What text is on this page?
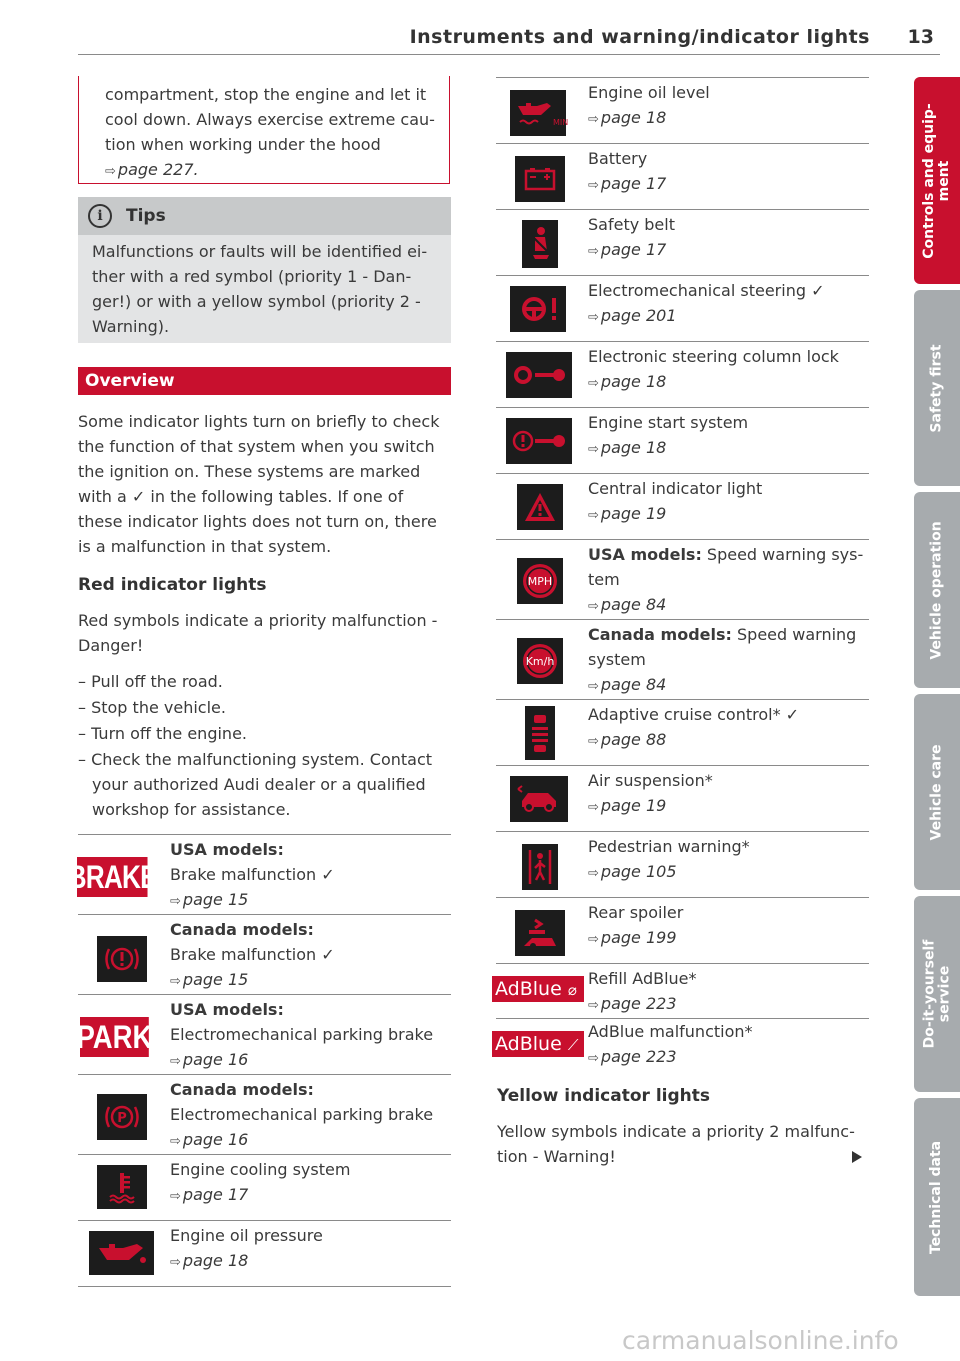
Instruments and warning/indicator lights 13
compartment, stop the engine and let it
cool down. Always exercise extreme cau-
tion when working under the hood
⇨ page 227.
i	Tips
Malfunctions or faults will be identified ei-
ther with a red symbol (priority 1 - Dan-
ger!) or with a yellow symbol (priority 2 -
Warning).
Overview

Some indicator lights turn on briefly to check

the function of that system when you switch

the ignition on. These systems are marked

with a ✓ in the following tables. If one of

these indicator lights does not turn on, there

is a malfunction in that system.

Red indicator lights

Red symbols indicate a priority malfunction -

Danger!

– Pull off the road.

– Stop the vehicle.

– Turn off the engine.

– Check the malfunctioning system. Contact

your authorized Audi dealer or a qualified

workshop for assistance.

BRAKE
USA models:
Brake malfunction ✓
⇨ page 15
Canada models:
Brake malfunction ✓
⇨ page 15
PARK
USA models:
Electromechanical parking brake
⇨ page 16
P
Canada models:
Electromechanical parking brake
⇨ page 16
Engine cooling system
⇨ page 17
Engine oil pressure
⇨ page 18
MIN
Engine oil level
⇨ page 18
Battery
⇨ page 17
Safety belt
⇨ page 17
Electromechanical steering ✓
⇨ page 201
Electronic steering column lock
⇨ page 18
Engine start system
⇨ page 18
Central indicator light
⇨ page 19
MPH
USA models: Speed warning sys-
tem
⇨ page 84
Km/h
Canada models: Speed warning
system
⇨ page 84
Adaptive cruise control* ✓
⇨ page 88
Air suspension*
⇨ page 19
Pedestrian warning*
⇨ page 105
Rear spoiler
⇨ page 199
AdBlue ⌀
Refill AdBlue*
⇨ page 223
AdBlue ⟋
AdBlue malfunction*
⇨ page 223
Yellow indicator lights

Yellow symbols indicate a priority 2 malfunc-

tion - Warning!

Controls and equip-
ment
Safety first
Vehicle operation
Vehicle care
Do-it-yourself
service
Technical data
carmanualsonline.info
